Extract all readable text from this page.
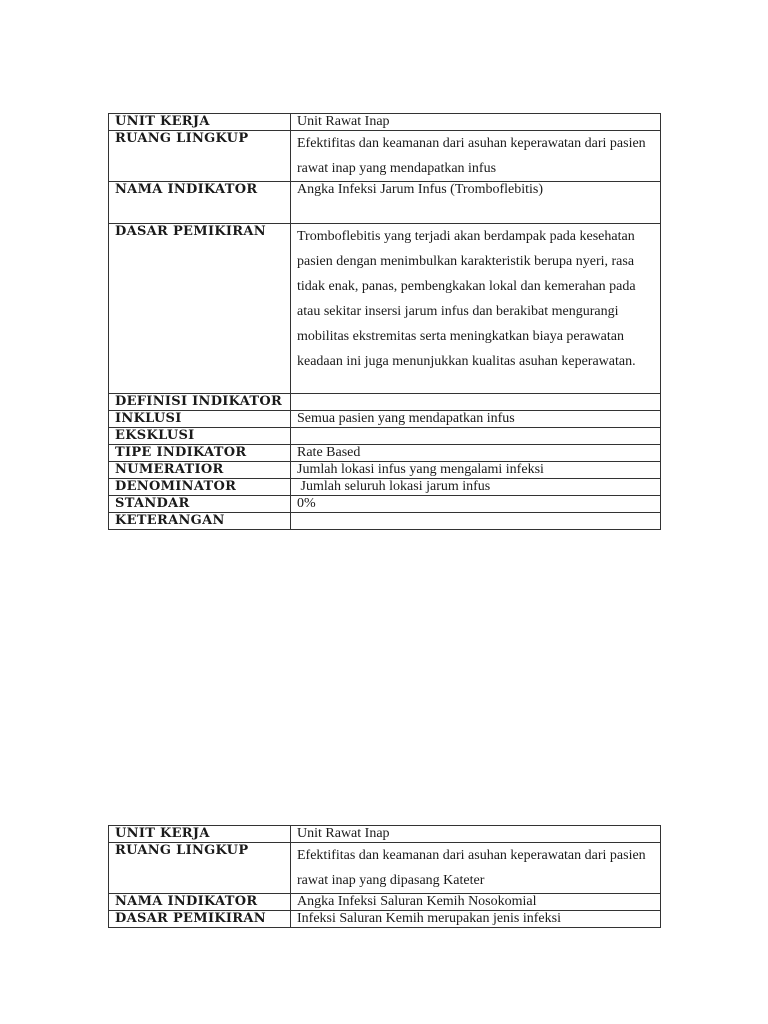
UNIT KERJA	Unit Rawat Inap
RUANG LINGKUP	Efektifitas dan keamanan dari asuhan keperawatan dari pasien rawat inap yang mendapatkan infus
NAMA INDIKATOR	Angka Infeksi Jarum Infus (Tromboflebitis)
DASAR PEMIKIRAN	Tromboflebitis yang terjadi akan berdampak pada kesehatan pasien dengan menimbulkan karakteristik berupa nyeri, rasa tidak enak, panas, pembengkakan lokal dan kemerahan pada atau sekitar insersi jarum infus dan berakibat mengurangi mobilitas ekstremitas serta meningkatkan biaya perawatan keadaan ini juga menunjukkan kualitas asuhan keperawatan.
DEFINISI INDIKATOR	
INKLUSI	Semua pasien yang mendapatkan infus
EKSKLUSI	
TIPE INDIKATOR	Rate Based
NUMERATIOR	Jumlah lokasi infus yang mengalami infeksi
DENOMINATOR	Jumlah seluruh lokasi jarum infus
STANDAR	0%
KETERANGAN	
UNIT KERJA	Unit Rawat Inap
RUANG LINGKUP	Efektifitas dan keamanan dari asuhan keperawatan dari pasien rawat inap yang dipasang Kateter
NAMA INDIKATOR	Angka Infeksi Saluran Kemih Nosokomial
DASAR PEMIKIRAN	Infeksi Saluran Kemih merupakan jenis infeksi
